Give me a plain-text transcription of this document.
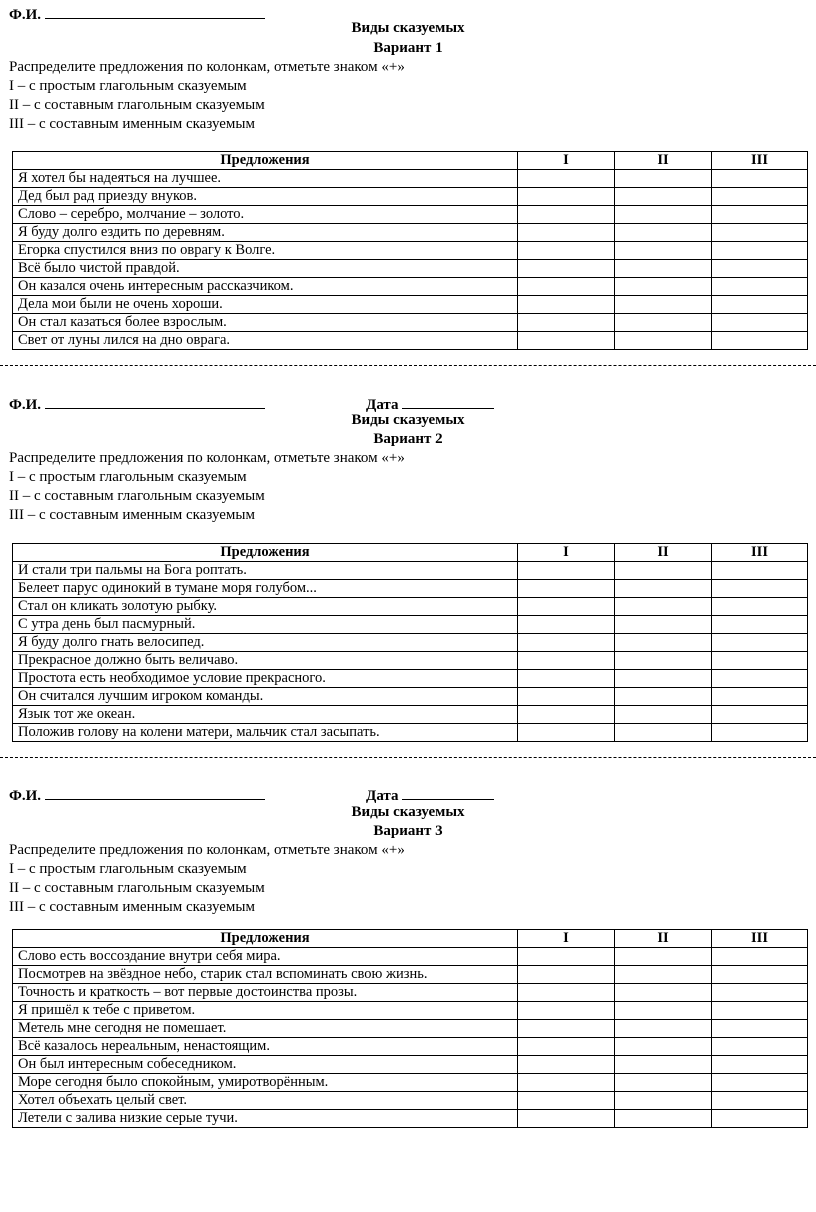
Ф.И.
Виды сказуемых
Вариант 1
Распределите предложения по колонкам, отметьте знаком «+»
I – с простым глагольным сказуемым
II – с составным глагольным сказуемым
III – с составным именным сказуемым
Предложения	I	II	III
Я хотел бы надеяться на лучшее.			
Дед был рад приезду внуков.			
Слово – серебро, молчание – золото.			
Я буду долго ездить по деревням.			
Егорка спустился вниз по оврагу к Волге.			
Всё было чистой правдой.			
Он казался очень интересным рассказчиком.			
Дела мои были не очень хороши.			
Он стал казаться более взрослым.			
Свет от луны лился на дно оврага.			
Ф.И.	Дата
Виды сказуемых
Вариант 2
Распределите предложения по колонкам, отметьте знаком «+»
I – с простым глагольным сказуемым
II – с составным глагольным сказуемым
III – с составным именным сказуемым
Предложения	I	II	III
И стали три пальмы на Бога роптать.			
Белеет парус одинокий в тумане моря голубом...			
Стал он кликать золотую рыбку.			
С утра день был пасмурный.			
Я буду долго гнать велосипед.			
Прекрасное должно быть величаво.			
Простота есть необходимое условие прекрасного.			
Он считался лучшим игроком команды.			
Язык тот же океан.			
Положив голову на колени матери, мальчик стал засыпать.			
Ф.И.	Дата
Виды сказуемых
Вариант 3
Распределите предложения по колонкам, отметьте знаком «+»
I – с простым глагольным сказуемым
II – с составным глагольным сказуемым
III – с составным именным сказуемым
Предложения	I	II	III
Слово есть воссоздание внутри себя мира.			
Посмотрев на звёздное небо, старик стал вспоминать свою жизнь.			
Точность и краткость – вот первые достоинства прозы.			
Я пришёл к тебе с приветом.			
Метель мне сегодня не помешает.			
Всё казалось нереальным, ненастоящим.			
Он был интересным собеседником.			
Море сегодня было спокойным, умиротворённым.			
Хотел объехать целый свет.			
Летели с залива низкие серые тучи.			
